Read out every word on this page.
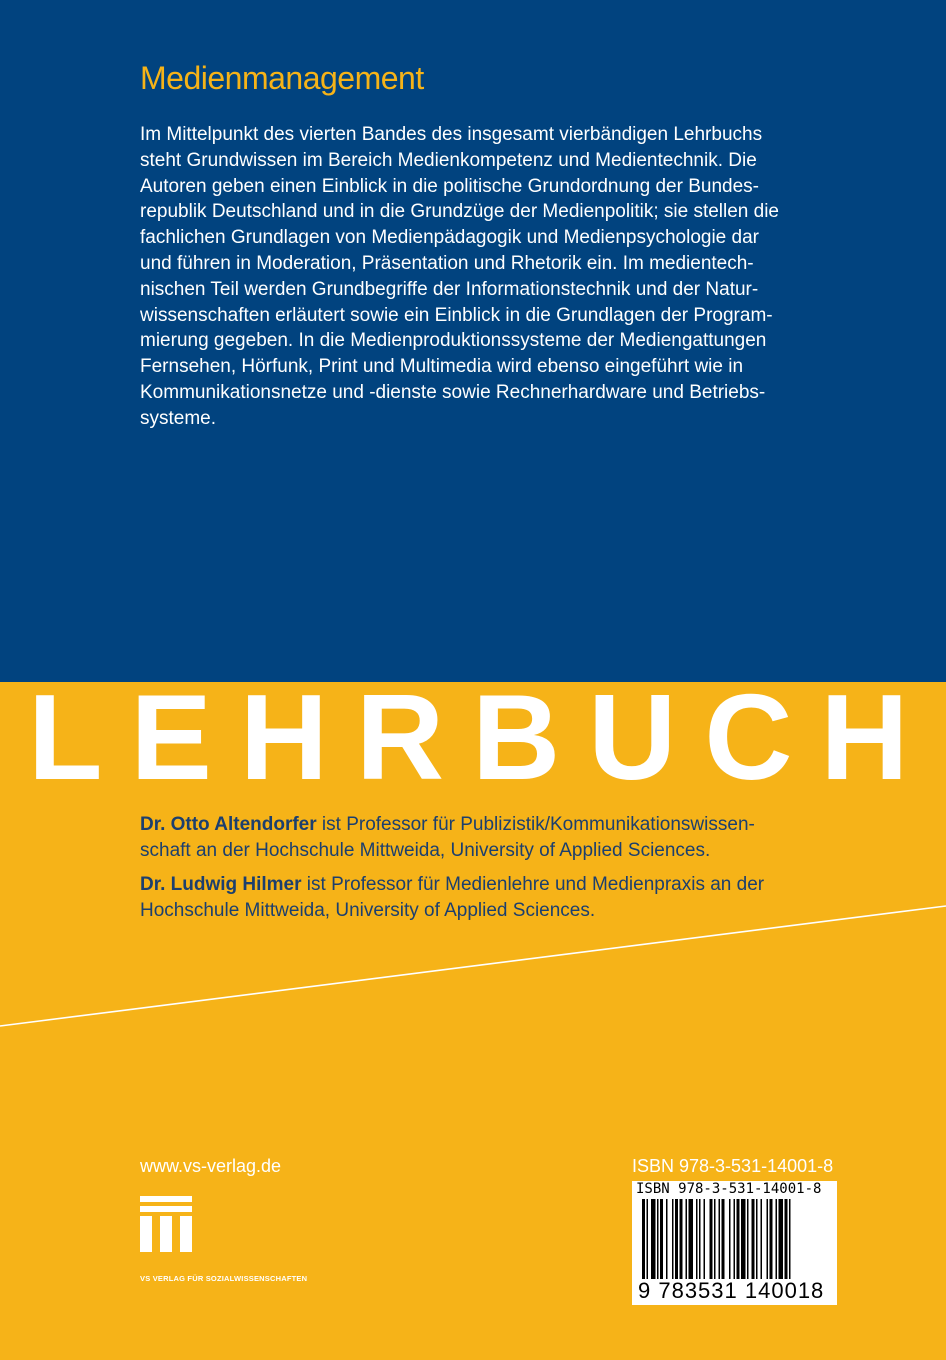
Medienmanagement
Im Mittelpunkt des vierten Bandes des insgesamt vierbändigen Lehrbuchs
steht Grundwissen im Bereich Medienkompetenz und Medientechnik. Die
Autoren geben einen Einblick in die politische Grundordnung der Bundes-
republik Deutschland und in die Grundzüge der Medienpolitik; sie stellen die
fachlichen Grundlagen von Medienpädagogik und Medienpsychologie dar
und führen in Moderation, Präsentation und Rhetorik ein. Im medientech-
nischen Teil werden Grundbegriffe der Informationstechnik und der Natur-
wissenschaften erläutert sowie ein Einblick in die Grundlagen der Program-
mierung gegeben. In die Medienproduktionssysteme der Mediengattungen
Fernsehen, Hörfunk, Print und Multimedia wird ebenso eingeführt wie in
Kommunikationsnetze und -dienste sowie Rechnerhardware und Betriebs-
systeme.
LEHRBUCH

Dr. Otto Altendorfer ist Professor für Publizistik/Kommunikationswissen-
schaft an der Hochschule Mittweida, University of Applied Sciences.

Dr. Ludwig Hilmer ist Professor für Medienlehre und Medienpraxis an der
Hochschule Mittweida, University of Applied Sciences.

www.vs-verlag.de
VS VERLAG FÜR SOZIALWISSENSCHAFTEN
ISBN 978-3-531-14001-8
ISBN 978-3-531-14001-8
9 783531 140018
